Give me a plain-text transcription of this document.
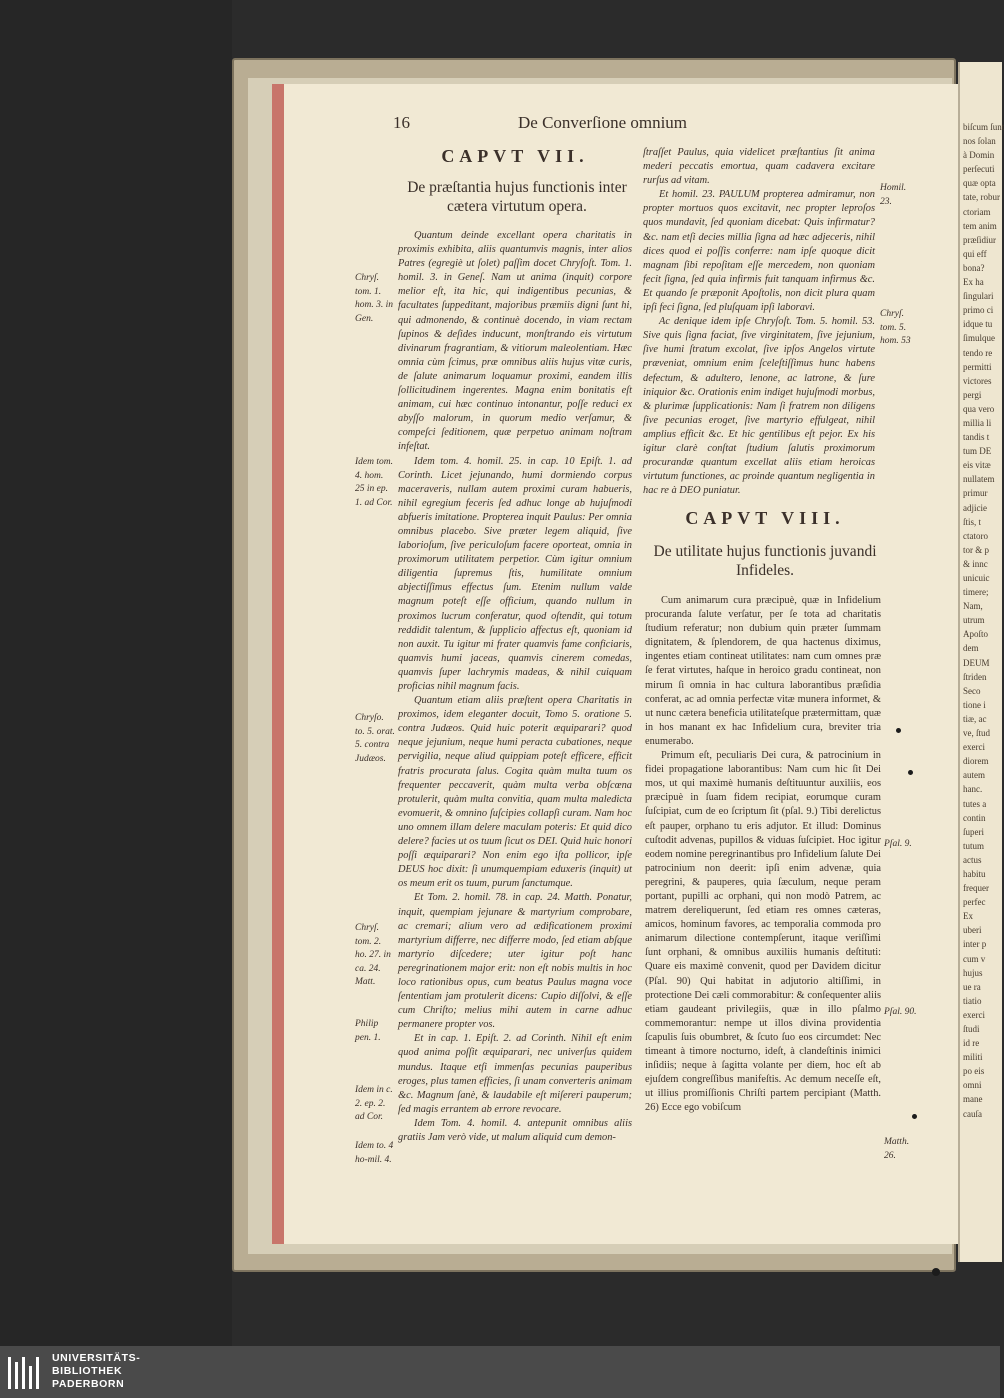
biſcum ſunt
nos ſolan
à Domin
perſecuti
quæ opta
tate, robur
ctoriam
tem anim
præſidiur
qui eff
bona?
Ex ha
ſingulari
primo ci
idque tu
ſimulque
tendo re
permitti
victores
pergi
qua vero
millia li
tandis t
tum DE
eis vitæ
nullatem
primur
adjicie
ſtis, t
ctatoro
tor & p
& innc
unicuic
timere;
Nam,
utrum
Apoſto
dem
DEUM
ſtriden
Seco
tione i
tiæ, ac
ve, ſtud
exerci
diorem
autem
hanc.
tutes a
contin
ſuperi
tutum
actus
habitu
frequer
perfec
Ex
uberi
inter p
cum v
hujus
ue ra
tiatio
exerci
ſtudi
id re
militi
po eis
omni
mane
cauſa
16	De Converſione omnium
CAPVT VII.
De præſtantia hujus functionis inter
cætera virtutum opera.

Quantum deinde excellant opera charitatis in proximis exhibita, aliis quantumvis magnis, inter alios Patres (egregiè ut ſolet) paſſim docet Chryſoſt. Tom. 1. homil. 3. in Geneſ. Nam ut anima (inquit) corpore melior eſt, ita hic, qui indigentibus pecunias, & facultates ſuppeditant, majoribus præmiis digni ſunt hi, qui admonendo, & continuè docendo, in viam rectam ſupinos & deſides inducunt, monſtrando eis virtutum divinarum fragrantiam, & vitiorum maleolentiam. Hæc omnia cùm ſcimus, præ omnibus aliis hujus vitæ curis, de ſalute animarum loquamur proximi, eandem illis ſollicitudinem ingerentes. Magna enim bonitatis eſt animam, cui hæc continuo intonantur, poſſe reduci ex abyſſo malorum, in quorum medio verſamur, & compeſci ſeditionem, quæ perpetuo animam noſtram infeſtat.

Idem tom. 4. homil. 25. in cap. 10 Epiſt. 1. ad Corinth. Licet jejunando, humi dormiendo corpus maceraveris, nullam autem proximi curam habueris, nihil egregium feceris ſed adhuc longe ab hujuſmodi abfueris imitatione. Propterea inquit Paulus: Per omnia omnibus placebo. Sive præter legem aliquid, ſive laborioſum, ſive periculoſum facere oporteat, omnia in proximorum utilitatem perpetior. Cùm igitur omnium diligentia ſupremus ſtis, humilitate omnium abjectiſſimus effectus ſum. Etenim nullum valde magnum poteſt eſſe officium, quando nullum in proximos lucrum conferatur, quod oſtendit, qui totum reddidit talentum, & ſupplicio affectus eſt, quoniam id non auxit. Tu igitur mi frater quamvis fame conficiaris, quamvis humi jaceas, quamvis cinerem comedas, quamvis ſuper lachrymis madeas, & nihil cuiquam proficias nihil magnum facis.

Quantum etiam aliis præſtent opera Charitatis in proximos, idem eleganter docuit, Tomo 5. oratione 5. contra Judæos. Quid huic poterit æquiparari? quod neque jejunium, neque humi peracta cubationes, neque pervigilia, neque aliud quippiam poteſt efficere, efficit fratris procurata ſalus. Cogita quàm multa tuum os frequenter peccaverit, quàm multa verba obſcœna protulerit, quàm multa convitia, quam multa maledicta evomuerit, & omnino ſuſcipies collapſi curam. Nam hoc uno omnem illam delere maculam poteris: Et quid dico delere? facies ut os tuum ſicut os DEI. Quid huic honori poſſi æquiparari? Non enim ego iſta pollicor, ipſe DEUS hoc dixit: ſi unumquempiam eduxeris (inquit) ut os meum erit os tuum, purum ſanctumque.

Et Tom. 2. homil. 78. in cap. 24. Matth. Ponatur, inquit, quempiam jejunare & martyrium comprobare, ac cremari; alium vero ad ædificationem proximi martyrium differre, nec differre modo, ſed etiam abſque martyrio diſcedere; uter igitur poſt hanc peregrinationem major erit: non eſt nobis multis in hoc loco rationibus opus, cum beatus Paulus magna voce ſententiam jam protulerit dicens: Cupio diſſolvi, & eſſe cum Chriſto; melius mihi autem in carne adhuc permanere propter vos.

Et in cap. 1. Epiſt. 2. ad Corinth. Nihil eſt enim quod anima poſſit æquiparari, nec univerſus quidem mundus. Itaque etſi immenſas pecunias pauperibus eroges, plus tamen efficies, ſi unam converteris animam &c. Magnum ſanè, & laudabile eſt miſereri pauperum; ſed magis errantem ab errore revocare.

Idem Tom. 4. homil. 4. antepunit omnibus aliis gratiis Jam verò vide, ut malum aliquid cum demon-

Chryſ. tom. 1. hom. 3. in Gen.
Idem tom. 4. hom. 25 in ep. 1. ad Cor.
Chryſo. to. 5. orat. 5. contra Judæos.
Chryſ. tom. 2. ho. 27. in ca. 24. Matt.
Philip pen. 1.
Idem in c. 2. ep. 2. ad Cor.
Idem to. 4 ho-mil. 4.
ſtraſſet Paulus, quia videlicet præſtantius ſit anima mederi peccatis emortua, quam cadavera excitare rurſus ad vitam.

Et homil. 23. PAULUM propterea admiramur, non propter mortuos quos excitavit, nec propter leproſos quos mundavit, ſed quoniam dicebat: Quis infirmatur? &c. nam etſi decies millia ſigna ad hæc adjeceris, nihil dices quod ei poſſis conferre: nam ipſe quoque dicit magnam ſibi repoſitam eſſe mercedem, non quoniam fecit ſigna, ſed quia infirmis fuit tanquam infirmus &c. Et quando ſe præponit Apoſtolis, non dicit plura quam ipſi feci ſigna, ſed pluſquam ipſi laboravi.

Ac denique idem ipſe Chryſoſt. Tom. 5. homil. 53. Sive quis ſigna faciat, ſive virginitatem, ſive jejunium, ſive humi ſtratum excolat, ſive ipſos Angelos virtute præveniat, omnium enim ſceleſtiſſimus hunc habens defectum, & adultero, lenone, ac latrone, & ſure iniquior &c. Orationis enim indiget hujuſmodi morbus, & plurimæ ſupplicationis: Nam ſi fratrem non diligens ſive pecunias eroget, ſive martyrio effulgeat, nihil amplius efficit &c. Et hic gentilibus eſt pejor. Ex his igitur clarè conſtat ſtudium ſalutis proximorum procurandæ quantum excellat aliis etiam heroicas virtutum functiones, ac proinde quantum negligentia in hac re à DEO puniatur.

Homil. 23.
Chryſ. tom. 5. hom. 53
CAPVT VIII.
De utilitate hujus functionis juvandi
Infideles.

Cum animarum cura præcipuè, quæ in Infidelium procuranda ſalute verſatur, per ſe tota ad charitatis ſtudium referatur; non dubium quin præter ſummam dignitatem, & ſplendorem, de qua hactenus diximus, ingentes etiam contineat utilitates: nam cum omnes præ ſe ferat virtutes, haſque in heroico gradu contineat, non mirum ſi omnia in hac cultura laborantibus præſidia conferat, ac ad omnia perfectæ vitæ munera informet, & ut nunc cætera beneficia utilitateſque prætermittam, quæ in hos manant ex hac Infidelium cura, breviter tria enumerabo.

Primum eſt, peculiaris Dei cura, & patrocinium in fidei propagatione laborantibus: Nam cum hic ſit Dei mos, ut qui maximè humanis deſtituuntur auxiliis, eos præcipuè in ſuam fidem recipiat, eorumque curam ſuſcipiat, cum de eo ſcriptum ſit (pſal. 9.) Tibi derelictus eſt pauper, orphano tu eris adjutor. Et illud: Dominus cuſtodit advenas, pupillos & viduas ſuſcipiet. Hoc igitur eodem nomine peregrinantibus pro Infidelium ſalute Dei patrocinium non deerit: ipſi enim advenæ, quia peregrini, & pauperes, quia ſæculum, neque peram portant, pupilli ac orphani, qui non modò Patrem, ac matrem dereliquerunt, ſed etiam res omnes cæteras, amicos, hominum favores, ac temporalia commoda pro animarum dilectione contempſerunt, itaque veriſſimi ſunt orphani, & omnibus auxiliis humanis deſtituti: Quare eis maximè convenit, quod per Davidem dicitur (Pſal. 90) Qui habitat in adjutorio altiſſimi, in protectione Dei cæli commorabitur: & conſequenter aliis etiam gaudeant privilegiis, quæ in illo pſalmo commemorantur: nempe ut illos divina providentia ſcapulis ſuis obumbret, & ſcuto ſuo eos circumdet: Nec timeant à timore nocturno, ideſt, à clandeſtinis inimici inſidiis; neque à ſagitta volante per diem, hoc eſt ab ejuſdem congreſſibus manifeſtis. Ac demum neceſſe eſt, ut illius promiſſionis Chriſti partem percipiant (Matth. 26) Ecce ego vobiſcum

Pſal. 9.
Pſal. 90.
Matth. 26.
UNIVERSITÄTS-
BIBLIOTHEK
PADERBORN
